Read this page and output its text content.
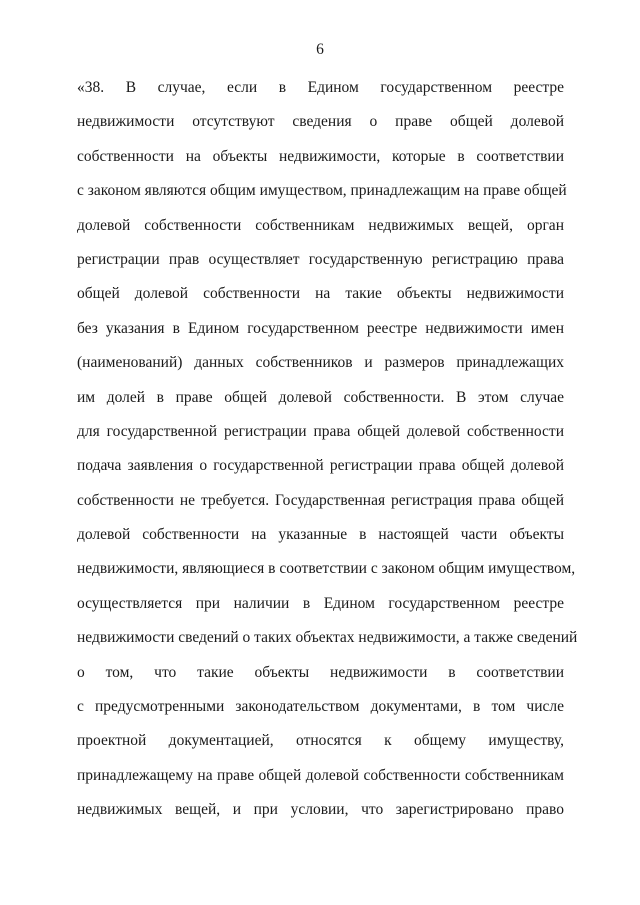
6
«38. В случае, если в Едином государственном реестре
недвижимости отсутствуют сведения о праве общей долевой
собственности на объекты недвижимости, которые в соответствии
с законом являются общим имуществом, принадлежащим на праве общей
долевой собственности собственникам недвижимых вещей, орган
регистрации прав осуществляет государственную регистрацию права
общей долевой собственности на такие объекты недвижимости
без указания в Едином государственном реестре недвижимости имен
(наименований) данных собственников и размеров принадлежащих
им долей в праве общей долевой собственности. В этом случае
для государственной регистрации права общей долевой собственности
подача заявления о государственной регистрации права общей долевой
собственности не требуется. Государственная регистрация права общей
долевой собственности на указанные в настоящей части объекты
недвижимости, являющиеся в соответствии с законом общим имуществом,
осуществляется при наличии в Едином государственном реестре
недвижимости сведений о таких объектах недвижимости, а также сведений
о том, что такие объекты недвижимости в соответствии
с предусмотренными законодательством документами, в том числе
проектной документацией, относятся к общему имуществу,
принадлежащему на праве общей долевой собственности собственникам
недвижимых вещей, и при условии, что зарегистрировано право
